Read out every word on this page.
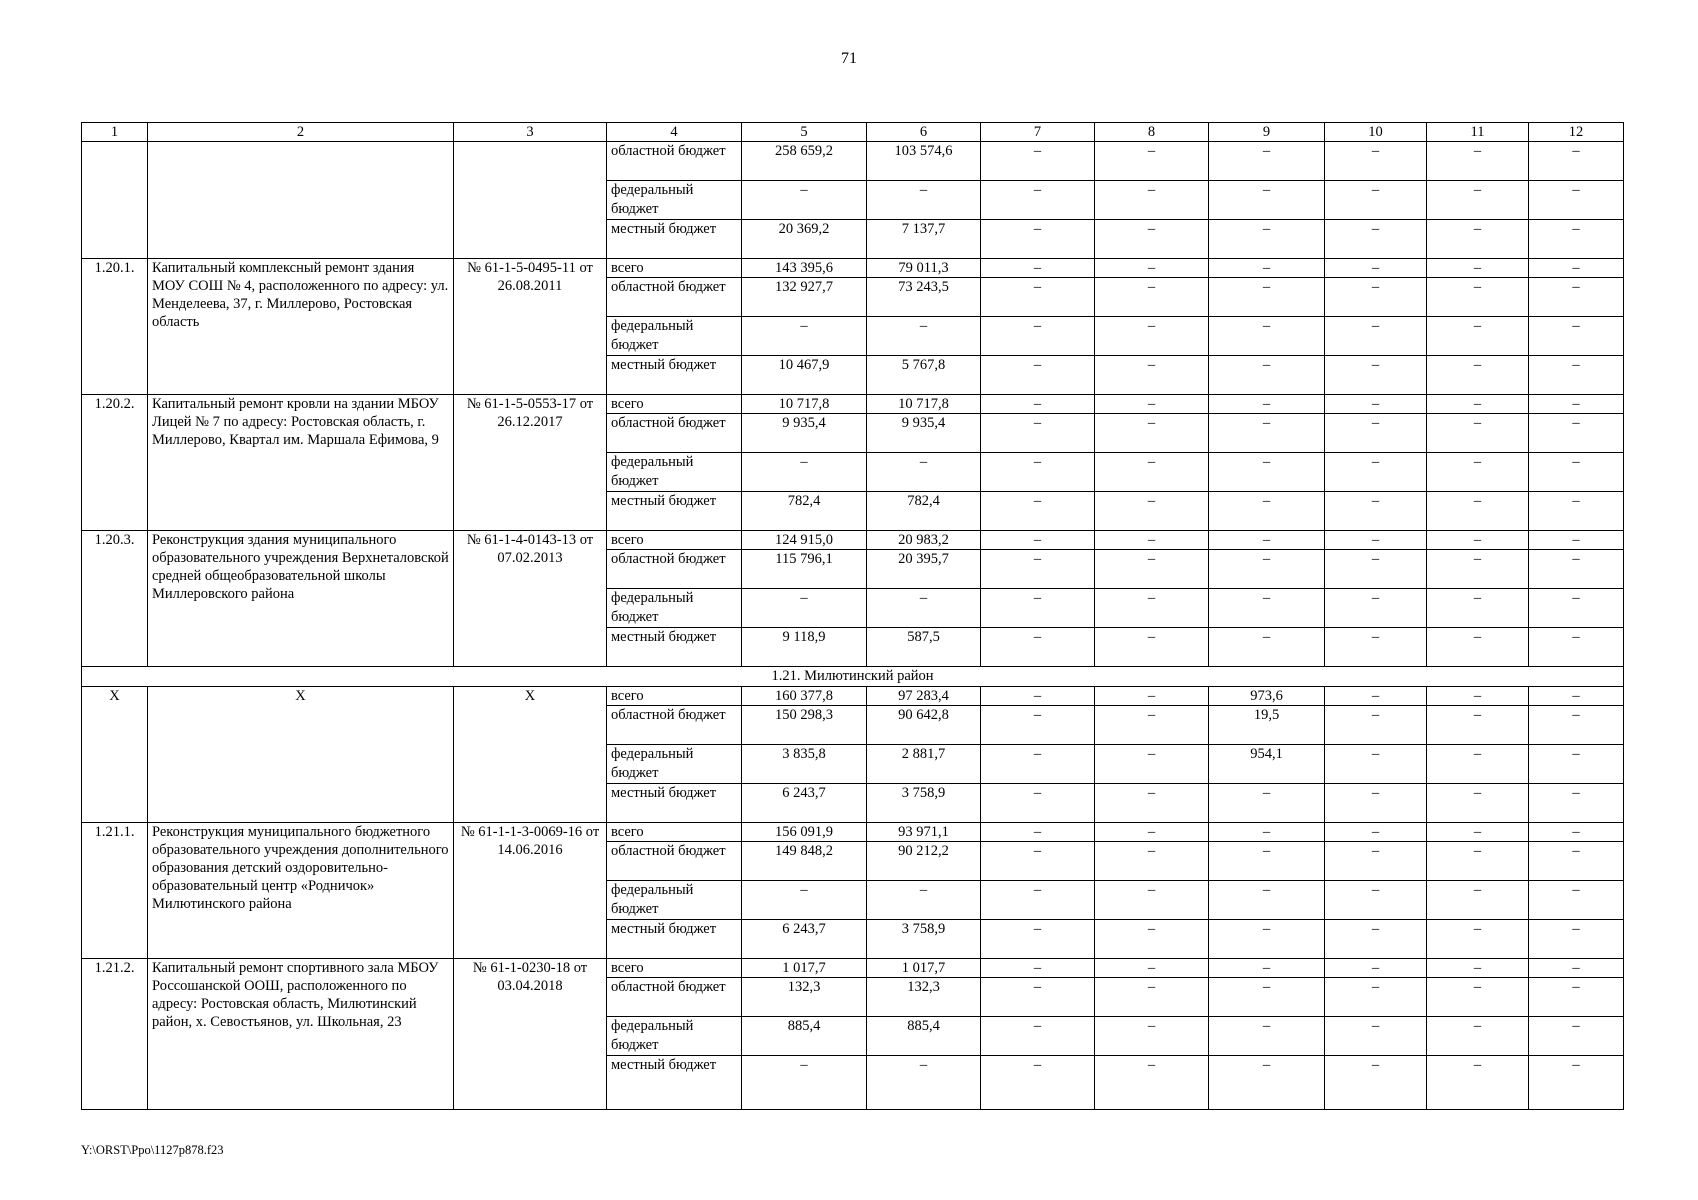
71
1	2	3	4	5	6	7	8	9	10	11	12
			областной бюджет	258 659,2	103 574,6	–	–	–	–	–	–
			федеральный бюджет	–	–	–	–	–	–	–	–
			местный бюджет	20 369,2	7 137,7	–	–	–	–	–	–
1.20.1.	Капитальный комплексный ремонт здания МОУ СОШ № 4, расположенного по адресу: ул. Менделеева, 37, г. Миллерово, Ростовская область	№ 61-1-5-0495-11 от 26.08.2011	всего	143 395,6	79 011,3	–	–	–	–	–	–
			областной бюджет	132 927,7	73 243,5	–	–	–	–	–	–
			федеральный бюджет	–	–	–	–	–	–	–	–
			местный бюджет	10 467,9	5 767,8	–	–	–	–	–	–
1.20.2.	Капитальный ремонт кровли на здании МБОУ Лицей № 7 по адресу: Ростовская область, г. Миллерово, Квартал им. Маршала Ефимова, 9	№ 61-1-5-0553-17 от 26.12.2017	всего	10 717,8	10 717,8	–	–	–	–	–	–
			областной бюджет	9 935,4	9 935,4	–	–	–	–	–	–
			федеральный бюджет	–	–	–	–	–	–	–	–
			местный бюджет	782,4	782,4	–	–	–	–	–	–
1.20.3.	Реконструкция здания муниципального образовательного учреждения Верхнеталовской средней общеобразовательной школы Миллеровского района	№ 61-1-4-0143-13 от 07.02.2013	всего	124 915,0	20 983,2	–	–	–	–	–	–
			областной бюджет	115 796,1	20 395,7	–	–	–	–	–	–
			федеральный бюджет	–	–	–	–	–	–	–	–
			местный бюджет	9 118,9	587,5	–	–	–	–	–	–
1.21. Милютинский район											
Х	Х	Х	всего	160 377,8	97 283,4	–	–	973,6	–	–	–
			областной бюджет	150 298,3	90 642,8	–	–	19,5	–	–	–
			федеральный бюджет	3 835,8	2 881,7	–	–	954,1	–	–	–
			местный бюджет	6 243,7	3 758,9	–	–	–	–	–	–
1.21.1.	Реконструкция муниципального бюджетного образовательного учреждения дополнительного образования детский оздоровительно-образовательный центр «Родничок» Милютинского района	№ 61-1-1-3-0069-16 от 14.06.2016	всего	156 091,9	93 971,1	–	–	–	–	–	–
			областной бюджет	149 848,2	90 212,2	–	–	–	–	–	–
			федеральный бюджет	–	–	–	–	–	–	–	–
			местный бюджет	6 243,7	3 758,9	–	–	–	–	–	–
1.21.2.	Капитальный ремонт спортивного зала МБОУ Россошанской ООШ, расположенного по адресу: Ростовская область, Милютинский район, х. Севостьянов, ул. Школьная, 23	№ 61-1-0230-18 от 03.04.2018	всего	1 017,7	1 017,7	–	–	–	–	–	–
			областной бюджет	132,3	132,3	–	–	–	–	–	–
			федеральный бюджет	885,4	885,4	–	–	–	–	–	–
			местный бюджет	–	–	–	–	–	–	–	–
Y:\ORST\Ppo\1127p878.f23
